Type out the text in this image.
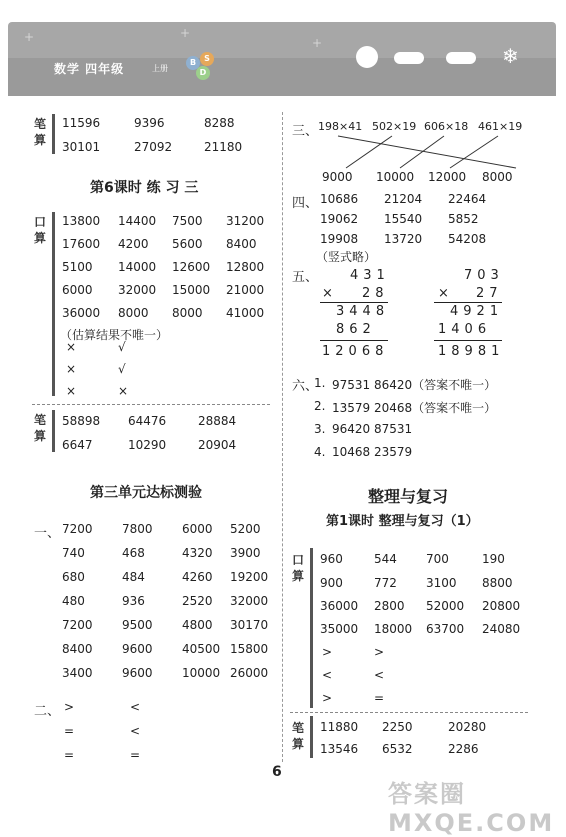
+	+
+
数学 四年级	上册
B	S
D
❄
笔算
11596	9396	8288
30101	27092	21180
第6课时 练 习 三
口算
13800 14400 7500 31200
17600 4200 5600 8400
5100 14000 12600 12800
6000 32000 15000 21000
36000 8000 8000 41000
（估算结果不唯一）
×	√
×	√
×	×
笔算
58898 64476	28884
6647	10290	20904
第三单元达标测验
一、 7200 7800 6000 5200
740	468	4320 3900
680	484	4260 19200
480	936	2520 32000
7200 9500 4800 30170
8400 9600 40500 15800
3400 9600 10000 26000
二、 >	<
=	<
=	=
三、 198×41 502×19 606×18 461×19
9000 10000 12000 8000
四、 10686 21204 22464
19062 15540 5852
19908 13720 54208
（竖式略）
五、 431
× 28
3448
862
12068
703
× 27
4921
1406
18981
六、
1. 97531 86420（答案不唯一）
2. 13579 20468（答案不唯一）
3. 96420 87531
4. 10468 23579
整理与复习
第1课时 整理与复习（1）
口算
960	544 700	190
900	772 3100 8800
36000 2800 52000 20800
35000 18000 63700 24080
>	>
<	<
>	=
笔算
11880 2250	20280
13546 6532	2286
6
答案圈 MXQE.COM
